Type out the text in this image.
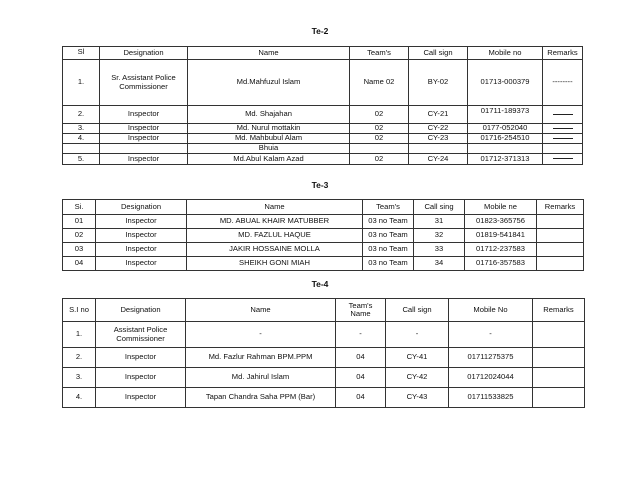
Te-2
Sl	Designation	Name	Team's	Call sign	Mobile no	Remarks
1.	Sr. Assistant Police Commissioner	Md.Mahfuzul Islam	Name 02	BY-02	01713-000379	--------
2.	Inspector	Md. Shajahan	02	CY-21	01711-189373	
3.	Inspector	Md. Nurul mottakin	02	CY-22	0177-052040	
4.	Inspector	Md. Mahbubul Alam	02	CY-23	01716-254510	
		Bhuia				
5.	Inspector	Md.Abul Kalam Azad	02	CY-24	01712-371313	
Te-3
Si.	Designation	Name	Team's	Call sing	Mobile ne	Remarks
01	Inspector	MD. ABUAL KHAIR MATUBBER	03 no Team	31	01823-365756	
02	Inspector	MD. FAZLUL HAQUE	03 no Team	32	01819-541841	
03	Inspector	JAKIR HOSSAINE MOLLA	03 no Team	33	01712-237583	
04	Inspector	SHEIKH GONI MIAH	03 no Team	34	01716-357583	
Te-4
S.I no	Designation	Name	Team's Name	Call sign	Mobile No	Remarks
1.	Assistant Police Commissioner	-	-	-	-	
2.	Inspector	Md. Fazlur Rahman BPM.PPM	04	CY-41	01711275375	
3.	Inspector	Md. Jahirul Islam	04	CY-42	01712024044	
4.	Inspector	Tapan Chandra Saha PPM (Bar)	04	CY-43	01711533825	
